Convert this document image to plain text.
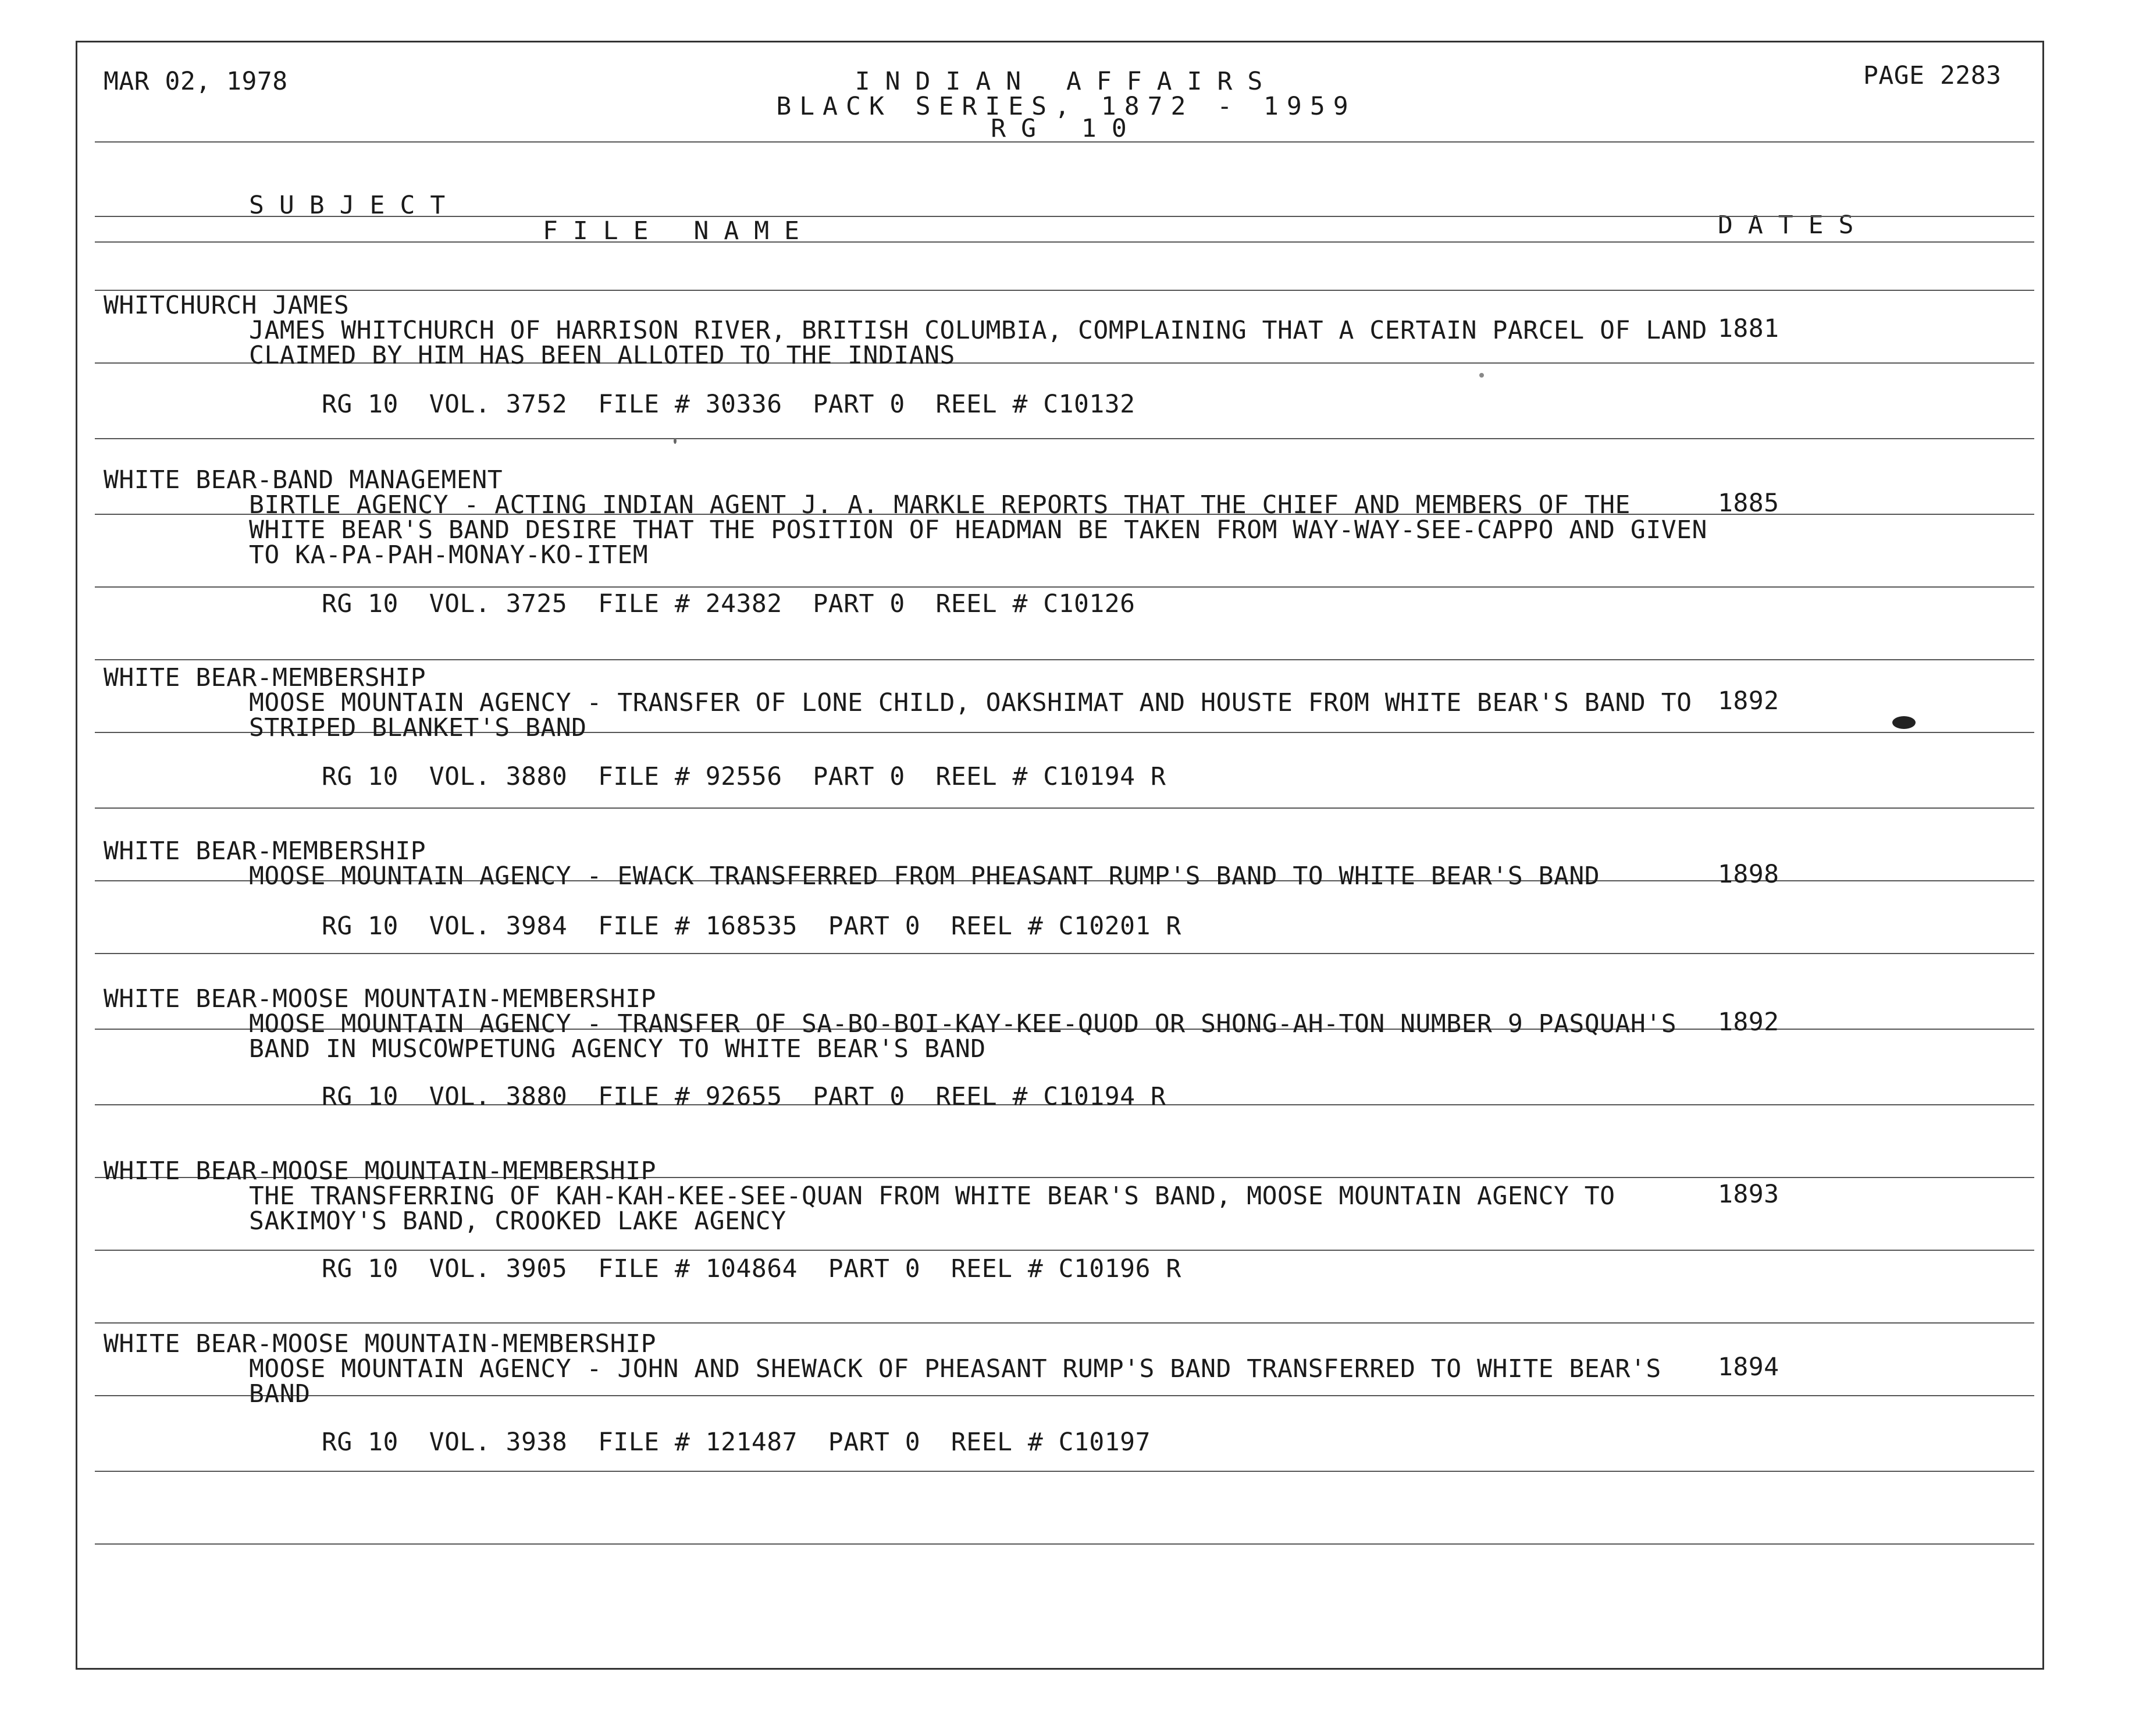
MAR 02, 1978	INDIAN AFFAIRS
BLACK SERIES, 1872 - 1959
RG 10
PAGE 2283
SUBJECT
FILE NAME	DATES
WHITCHURCH JAMES
JAMES WHITCHURCH OF HARRISON RIVER, BRITISH COLUMBIA, COMPLAINING THAT A CERTAIN PARCEL OF LAND
CLAIMED BY HIM HAS BEEN ALLOTED TO THE INDIANS
1881
RG 10  VOL. 3752  FILE # 30336  PART 0  REEL # C10132
WHITE BEAR-BAND MANAGEMENT
BIRTLE AGENCY - ACTING INDIAN AGENT J. A. MARKLE REPORTS THAT THE CHIEF AND MEMBERS OF THE
WHITE BEAR'S BAND DESIRE THAT THE POSITION OF HEADMAN BE TAKEN FROM WAY-WAY-SEE-CAPPO AND GIVEN
TO KA-PA-PAH-MONAY-KO-ITEM
1885
RG 10  VOL. 3725  FILE # 24382  PART 0  REEL # C10126
WHITE BEAR-MEMBERSHIP
MOOSE MOUNTAIN AGENCY - TRANSFER OF LONE CHILD, OAKSHIMAT AND HOUSTE FROM WHITE BEAR'S BAND TO
STRIPED BLANKET'S BAND
1892
RG 10  VOL. 3880  FILE # 92556  PART 0  REEL # C10194 R
WHITE BEAR-MEMBERSHIP
MOOSE MOUNTAIN AGENCY - EWACK TRANSFERRED FROM PHEASANT RUMP'S BAND TO WHITE BEAR'S BAND	1898
RG 10  VOL. 3984  FILE # 168535  PART 0  REEL # C10201 R
WHITE BEAR-MOOSE MOUNTAIN-MEMBERSHIP
MOOSE MOUNTAIN AGENCY - TRANSFER OF SA-BO-BOI-KAY-KEE-QUOD OR SHONG-AH-TON NUMBER 9 PASQUAH'S
BAND IN MUSCOWPETUNG AGENCY TO WHITE BEAR'S BAND
1892
RG 10  VOL. 3880  FILE # 92655  PART 0  REEL # C10194 R
WHITE BEAR-MOOSE MOUNTAIN-MEMBERSHIP
THE TRANSFERRING OF KAH-KAH-KEE-SEE-QUAN FROM WHITE BEAR'S BAND, MOOSE MOUNTAIN AGENCY TO
SAKIMOY'S BAND, CROOKED LAKE AGENCY
1893
RG 10  VOL. 3905  FILE # 104864  PART 0  REEL # C10196 R
WHITE BEAR-MOOSE MOUNTAIN-MEMBERSHIP
MOOSE MOUNTAIN AGENCY - JOHN AND SHEWACK OF PHEASANT RUMP'S BAND TRANSFERRED TO WHITE BEAR'S
BAND
1894
RG 10  VOL. 3938  FILE # 121487  PART 0  REEL # C10197
